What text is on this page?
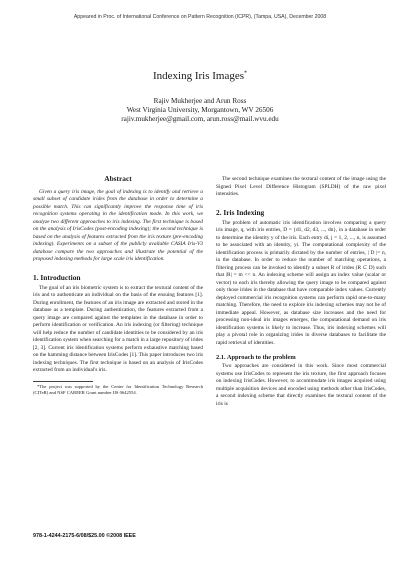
Appeared in Proc. of International Conference on Pattern Recognition (ICPR), (Tampa, USA), December 2008
Indexing Iris Images*
Rajiv Mukherjee and Arun Ross
West Virginia University, Morgantown, WV 26506
rajiv.mukherjee@gmail.com, arun.ross@mail.wvu.edu
Abstract

Given a query iris image, the goal of indexing is to identify and retrieve a small subset of candidate irides from the database in order to determine a possible match. This can significantly improve the response time of iris recognition systems operating in the identification mode. In this work, we analyze two different approaches to iris indexing. The first technique is based on the analysis of IrisCodes (post-encoding indexing); the second technique is based on the analysis of features extracted from the iris texture (pre-encoding indexing). Experiments on a subset of the publicly available CASIA Iris-V3 database compare the two approaches and illustrate the potential of the proposed indexing methods for large scale iris identification.

1. Introduction

The goal of an iris biometric system is to extract the textural content of the iris and to authenticate an individual on the basis of the ensuing features [1]. During enrollment, the features of an iris image are extracted and stored in the database as a template. During authentication, the features extracted from a query image are compared against the templates in the database in order to perform identification or verification. An iris indexing (or filtering) technique will help reduce the number of candidate identities to be considered by an iris identification system when searching for a match in a large repository of irides [2, 3]. Current iris identification systems perform exhaustive matching based on the hamming distance between IrisCodes [1]. This paper introduces two iris indexing techniques. The first technique is based on an analysis of IrisCodes extracted from an individual's iris.

*The project was supported by the Center for Identification Technology Research (CITeR) and NSF CAREER Grant number IIS 0642554.

The second technique examines the textural content of the image using the Signed Pixel Level Difference Histogram (SPLDH) of the raw pixel intensities.

2. Iris Indexing

The problem of automatic iris identification involves comparing a query iris image, q, with iris entries, D = {d1, d2, d3, ..., dn}, in a database in order to determine the identity y of the iris. Each entry di, j = 1, 2, ..., n, is assumed to be associated with an identity, yi. The computational complexity of the identification process is primarily dictated by the number of entries, | D |= n, in the database. In order to reduce the number of matching operations, a filtering process can be invoked to identify a subset R of irides (R ⊂ D) such that |R| = m << n. An indexing scheme will assign an index value (scalar or vector) to each iris thereby allowing the query image to be compared against only those irides in the database that have comparable index values. Currently deployed commercial iris recognition systems can perform rapid one-to-many matching. Therefore, the need to explore iris indexing schemes may not be of immediate appeal. However, as database size increases and the need for processing non-ideal iris images emerges, the computational demand on iris identification systems is likely to increase. Thus, iris indexing schemes will play a pivotal role in organizing irides in diverse databases to facilitate the rapid retrieval of identities.

2.1. Approach to the problem

Two approaches are considered in this work. Since most commercial systems use IrisCodes to represent the iris texture, the first approach focuses on indexing IrisCodes. However, to accommodate iris images acquired using multiple acquisition devices and encoded using methods other than IrisCodes, a second indexing scheme that directly examines the textural content of the iris is

978-1-4244-2175-6/08/$25.00 ©2008 IEEE
